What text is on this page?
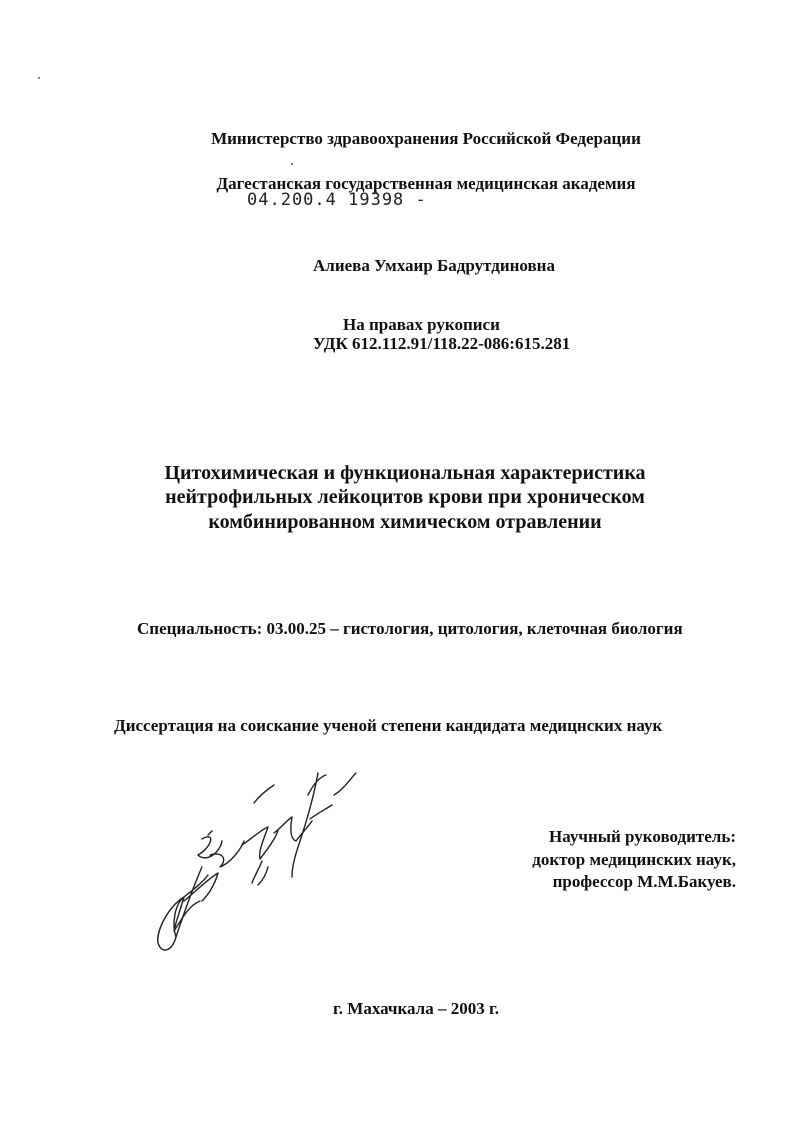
Министерство здравоохранения Российской Федерации
Дагестанская государственная медицинская академия
04.200.4 19398 -
Алиева Умхаир Бадрутдиновна
На правах рукописи
УДК 612.112.91/118.22-086:615.281
Цитохимическая и функциональная характеристика
нейтрофильных лейкоцитов крови при хроническом
комбинированном химическом отравлении
Специальность: 03.00.25 – гистология, цитология, клеточная биология
Диссертация на соискание ученой степени кандидата медицнских наук
Научный руководитель:
доктор медицинских наук,
профессор М.М.Бакуев.
г. Махачкала – 2003 г.
